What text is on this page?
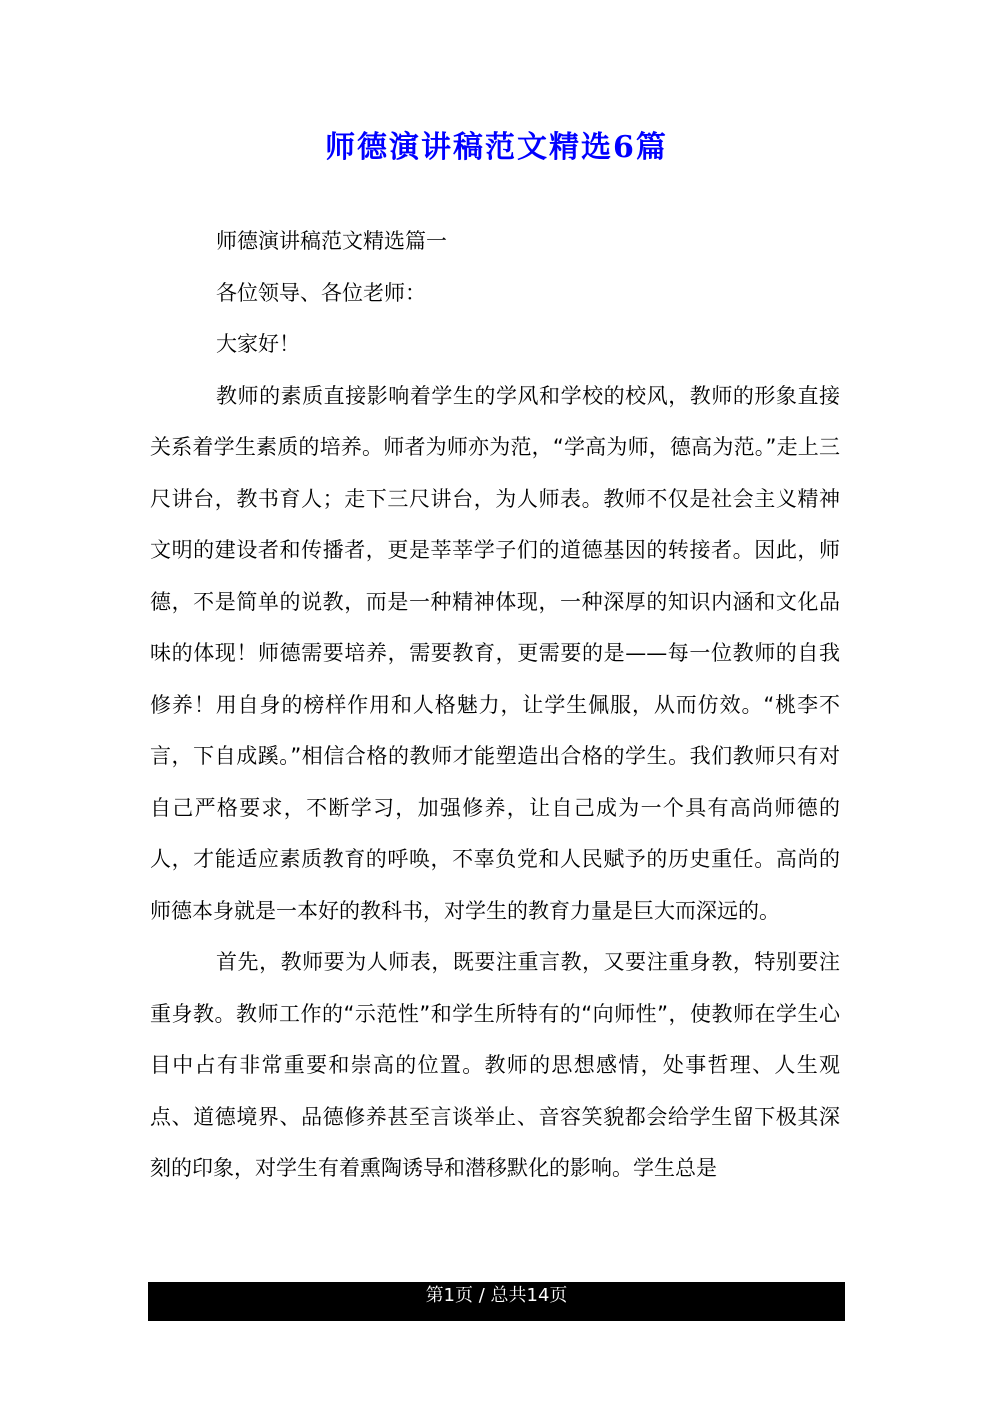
师德演讲稿范文精选6篇

师德演讲稿范文精选篇一

各位领导、各位老师：

大家好！

教师的素质直接影响着学生的学风和学校的校风，教师的形象直接关系着学生素质的培养。师者为师亦为范，“学高为师，德高为范。”走上三尺讲台，教书育人；走下三尺讲台，为人师表。教师不仅是社会主义精神文明的建设者和传播者，更是莘莘学子们的道德基因的转接者。因此，师德，不是简单的说教，而是一种精神体现，一种深厚的知识内涵和文化品味的体现！师德需要培养，需要教育，更需要的是——每一位教师的自我修养！用自身的榜样作用和人格魅力，让学生佩服，从而仿效。“桃李不言，下自成蹊。”相信合格的教师才能塑造出合格的学生。我们教师只有对自己严格要求，不断学习，加强修养，让自己成为一个具有高尚师德的人，才能适应素质教育的呼唤，不辜负党和人民赋予的历史重任。高尚的师德本身就是一本好的教科书，对学生的教育力量是巨大而深远的。

首先，教师要为人师表，既要注重言教，又要注重身教，特别要注重身教。教师工作的“示范性”和学生所特有的“向师性”，使教师在学生心目中占有非常重要和崇高的位置。教师的思想感情，处事哲理、人生观点、道德境界、品德修养甚至言谈举止、音容笑貌都会给学生留下极其深刻的印象，对学生有着熏陶诱导和潜移默化的影响。学生总是

第1页 / 总共14页
